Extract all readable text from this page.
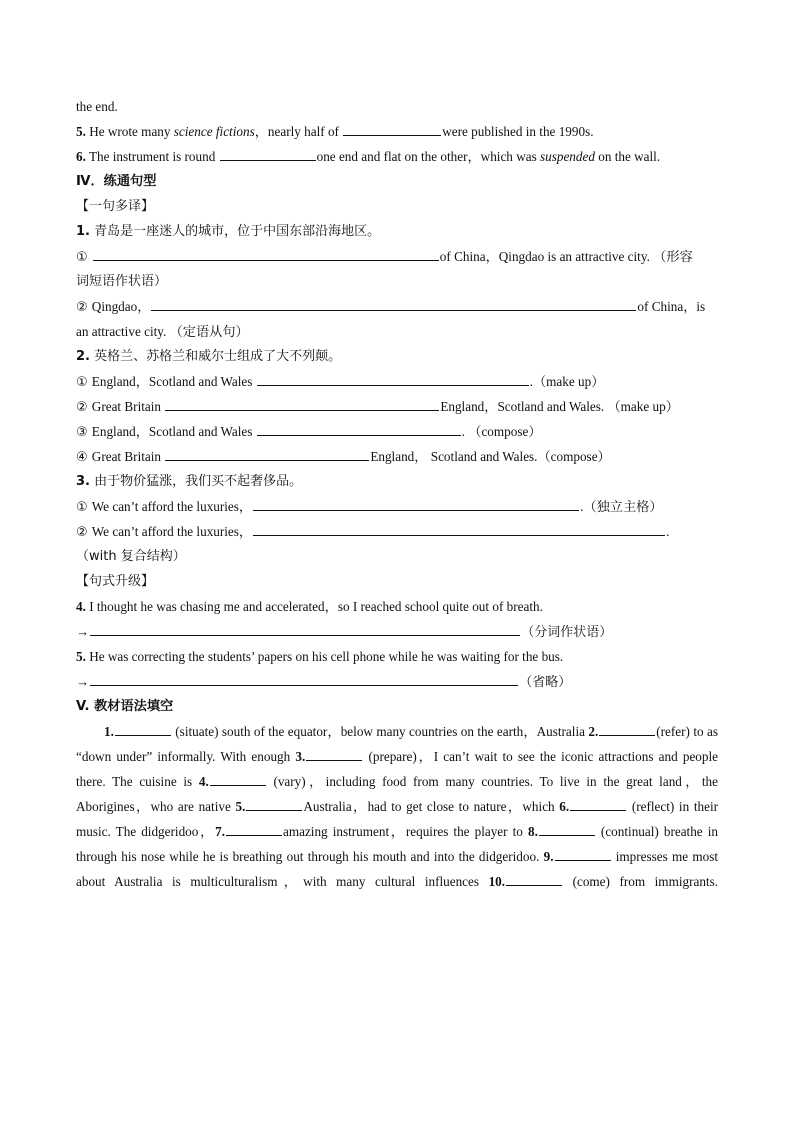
the end.
5. He wrote many science fictions，nearly half of	were published in the 1990s.
6. The instrument is round	one end and flat on the other，which was suspended on the wall.
Ⅳ．练通句型
【一句多译】
1. 青岛是一座迷人的城市，位于中国东部沿海地区。
①	of China，Qingdao is an attractive city. （形容
词短语作状语）
② Qingdao，	of China，is
an attractive city. （定语从句）
2. 英格兰、苏格兰和威尔士组成了大不列颠。
① England，Scotland and Wales	.（make up）
② Great Britain	England，Scotland and Wales. （make up）
③ England，Scotland and Wales	. （compose）
④ Great Britain	England， Scotland and Wales.（compose）
3. 由于物价猛涨，我们买不起奢侈品。
① We can’t afford the luxuries，	.（独立主格）
② We can’t afford the luxuries，	.
（with 复合结构）
【句式升级】
4. I thought he was chasing me and accelerated，so I reached school quite out of breath.
→	（分词作状语）
5. He was correcting the students’ papers on his cell phone while he was waiting for the bus.
→	（省略）
V. 教材语法填空
1.	(situate) south of the equator，below many countries on the earth，Australia 2.	(refer) to as “down under” informally. With enough 3.	(prepare)，I can’t wait to see the iconic attractions and people there. The cuisine is 4.	(vary)，including food from many countries. To live in the great land，the Aborigines，who are native 5.	Australia，had to get close to nature，which 6.	(reflect) in their music. The didgeridoo，7.	amazing instrument，requires the player to 8.	(continual) breathe in through his nose while he is breathing out through his mouth and into the didgeridoo. 9.	impresses me most about Australia is multiculturalism，with many cultural influences 10.	(come) from immigrants.
